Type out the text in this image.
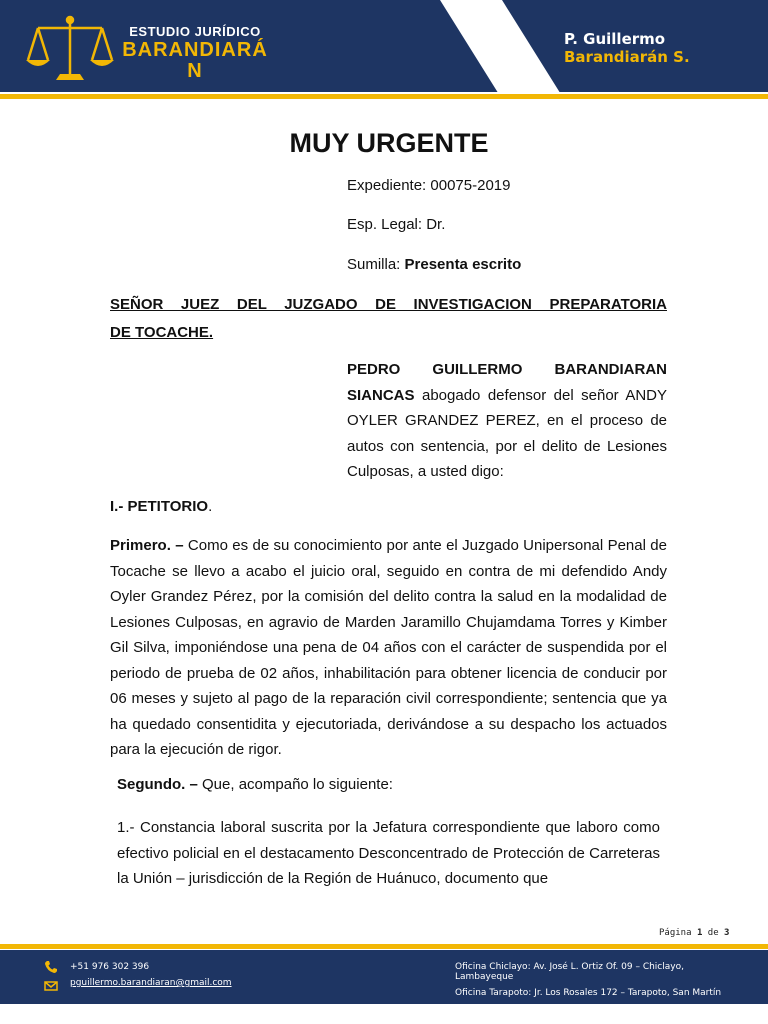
ESTUDIO JURÍDICO
BARANDIARÁN
P. Guillermo
Barandiarán S.
MUY URGENTE
Expediente: 00075-2019
Esp. Legal: Dr.
Sumilla: Presenta escrito
SEÑOR JUEZ DEL JUZGADO DE INVESTIGACION PREPARATORIA
DE TOCACHE.
PEDRO GUILLERMO BARANDIARAN SIANCAS abogado defensor del señor ANDY OYLER GRANDEZ PEREZ, en el proceso de autos con sentencia, por el delito de Lesiones Culposas, a usted digo:
I.- PETITORIO.
Primero. – Como es de su conocimiento por ante el Juzgado Unipersonal Penal de Tocache se llevo a acabo el juicio oral, seguido en contra de mi defendido Andy Oyler Grandez Pérez, por la comisión del delito contra la salud en la modalidad de Lesiones Culposas, en agravio de Marden Jaramillo Chujamdama Torres y Kimber Gil Silva, imponiéndose una pena de 04 años con el carácter de suspendida por el periodo de prueba de 02 años, inhabilitación para obtener licencia de conducir por 06 meses y sujeto al pago de la reparación civil correspondiente; sentencia que ya ha quedado consentidita y ejecutoriada, derivándose a su despacho los actuados para la ejecución de rigor.
Segundo. – Que, acompaño lo siguiente:
1.- Constancia laboral suscrita por la Jefatura correspondiente que laboro como efectivo policial en el destacamento Desconcentrado de Protección de Carreteras la Unión – jurisdicción de la Región de Huánuco, documento que
Página 1 de 3
+51 976 302 396
pguillermo.barandiaran@gmail.com
Oficina Chiclayo: Av. José L. Ortiz Of. 09 – Chiclayo,
Lambayeque
Oficina Tarapoto: Jr. Los Rosales 172 – Tarapoto, San Martín
